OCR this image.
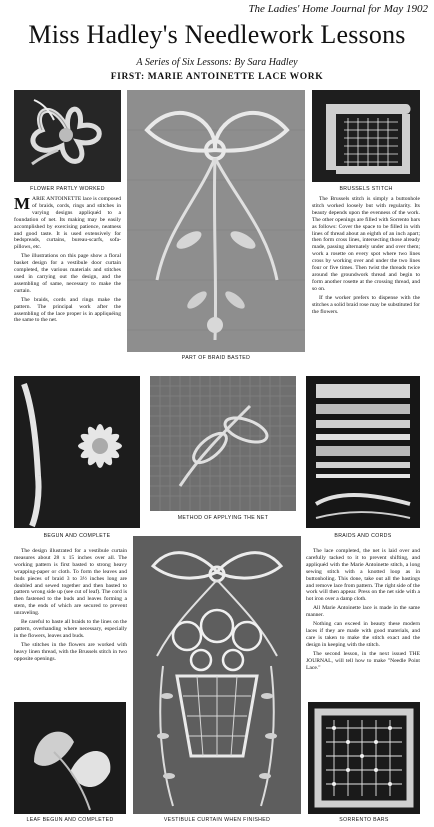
The Ladies' Home Journal for May 1902
Miss Hadley's Needlework Lessons
A Series of Six Lessons: By Sara Hadley
FIRST: MARIE ANTOINETTE LACE WORK
FLOWER PARTLY WORKED
PART OF BRAID BASTED
BRUSSELS STITCH

MARIE ANTOINETTE lace is composed of braids, cords, rings and stitches in varying designs appliquéd to a foundation of net. Its making may be easily accomplished by exercising patience, neatness and good taste. It is used extensively for bedspreads, curtains, bureau-scarfs, sofa-pillows, etc.

The illustrations on this page show a floral basket design for a vestibule door curtain completed, the various materials and stitches used in carrying out the design, and the assembling of same, necessary to make the curtain.

The braids, cords and rings make the pattern. The principal work after the assembling of the lace proper is in appliquéing the same to the net.

The Brussels stitch is simply a buttonhole stitch worked loosely but with regularity. Its beauty depends upon the evenness of the work. The other openings are filled with Sorrento bars as follows: Cover the space to be filled in with lines of thread about an eighth of an inch apart; then form cross lines, intersecting those already made, passing alternately under and over them; work a rosette on every spot where two lines cross by working over and under the two lines four or five times. Then twist the threads twice around the groundwork thread and begin to form another rosette at the crossing thread, and so on.

If the worker prefers to dispense with the stitches a solid braid rose may be substituted for the flowers.

BEGUN AND COMPLETE
METHOD OF APPLYING THE NET
BRAIDS AND CORDS

The design illustrated for a vestibule curtain measures about 28 x 15 inches over all. The working pattern is first basted to strong heavy wrapping-paper or cloth. To form the leaves and buds pieces of braid 3 to 3½ inches long are doubled and sewed together and then basted to pattern wrong side up (see cut of leaf). The cord is then fastened to the buds and leaves forming a stem, the ends of which are secured to prevent unraveling.

Be careful to baste all braids to the lines on the pattern, overhanding where necessary, especially in the flowers, leaves and buds.

The stitches in the flowers are worked with heavy linen thread, with the Brussels stitch in two opposite openings.

VESTIBULE CURTAIN WHEN FINISHED

The lace completed, the net is laid over and carefully tacked to it to prevent shifting, and appliquéd with the Marie Antoinette stitch, a long sewing stitch with a knotted loop as in buttonholing. This done, take out all the bastings and remove lace from pattern. The right side of the work will then appear. Press on the net side with a hot iron over a damp cloth.

All Marie Antoinette lace is made in the same manner.

Nothing can exceed in beauty these modern laces if they are made with good materials, and care is taken to make the stitch exact and the design in keeping with the stitch.

The second lesson, in the next issued THE JOURNAL, will tell how to make "Needle Point Lace."

LEAF BEGUN AND COMPLETED	SORRENTO BARS
